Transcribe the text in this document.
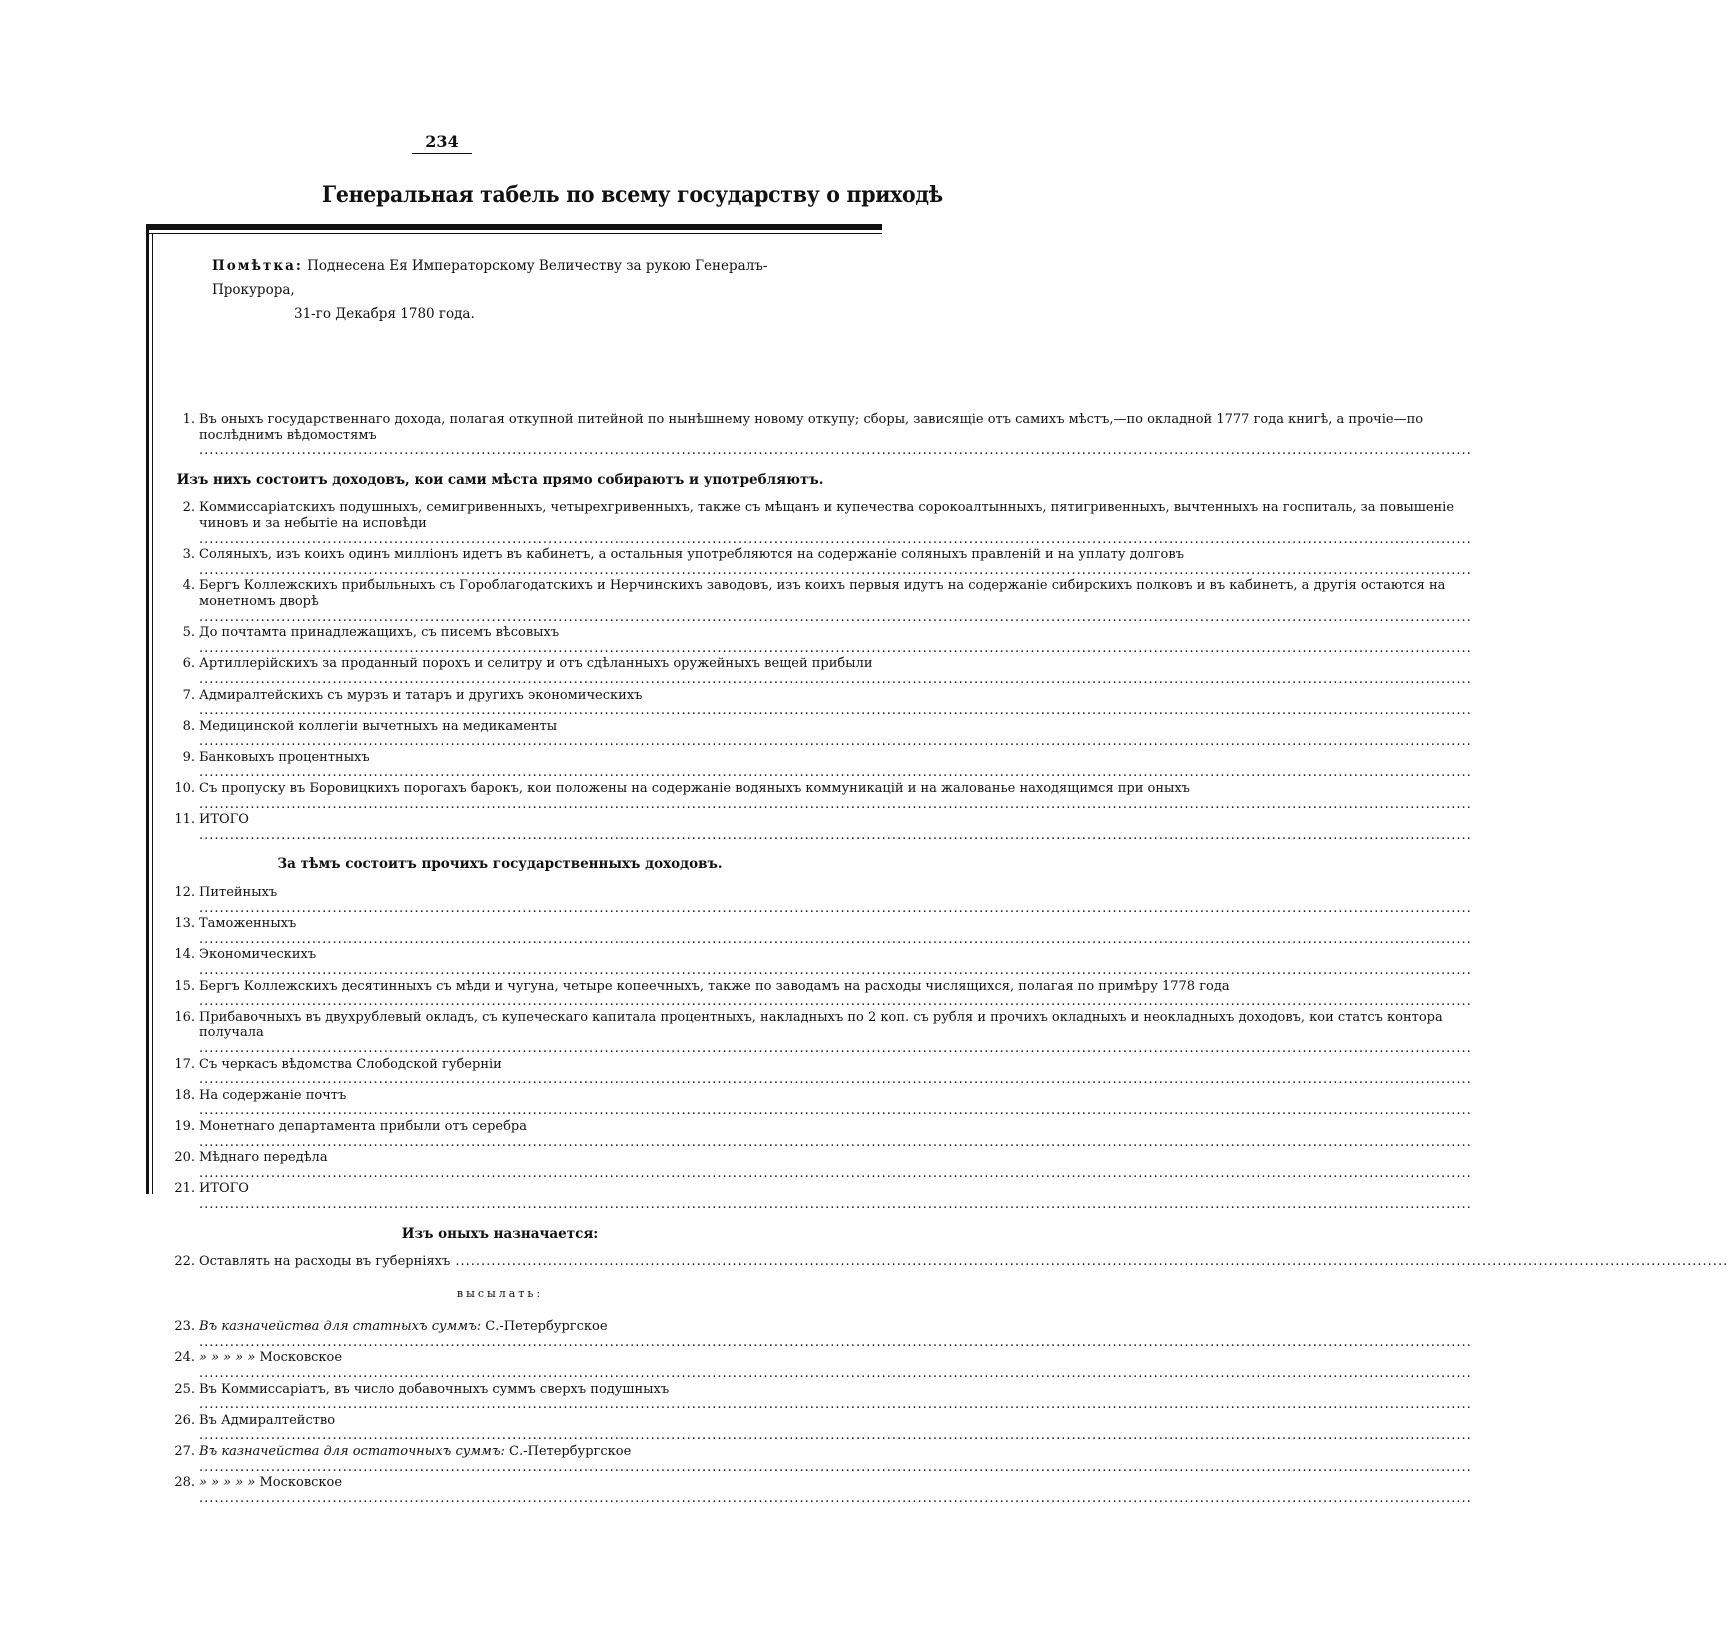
234
Генеральная табель по всему государству о приходѣ
Помѣтка: Поднесена Ея Императорскому Величеству за рукою Генералъ-Прокурора,
31-го Декабря 1780 года.
1. Въ оныхъ государственнаго дохода, полагая откупной питейной по нынѣшнему новому откупу; сборы, зависящіе отъ самихъ мѣстъ,—по окладной 1777 года книгѣ, а прочіе—по послѣднимъ вѣдомостямъ .....
Изъ нихъ состоитъ доходовъ, кои сами мѣста прямо собираютъ и употребляютъ.
2. Коммиссаріатскихъ подушныхъ, семигривенныхъ, четырехгривенныхъ, также съ мѣщанъ и купечества сорокоалтынныхъ, пятигривенныхъ, вычтенныхъ на госпиталь, за повышеніе чиновъ и за небытіе на исповѣди .....
3. Соляныхъ, изъ коихъ одинъ милліонъ идетъ въ кабинетъ, а остальныя употребляются на содержаніе соляныхъ правленій и на уплату долговъ .....
4. Бергъ Коллежскихъ прибыльныхъ съ Гороблагодатскихъ и Нерчинскихъ заводовъ, изъ коихъ первыя идутъ на содержаніе сибирскихъ полковъ и въ кабинетъ, а другія остаются на монетномъ дворѣ .....
5. До почтамта принадлежащихъ, съ писемъ вѣсовыхъ .....
6. Артиллерійскихъ за проданный порохъ и селитру и отъ сдѣланныхъ оружейныхъ вещей прибыли .....
7. Адмиралтейскихъ съ мурзъ и татаръ и другихъ экономическихъ .....
8. Медицинской коллегіи вычетныхъ на медикаменты .....
9. Банковыхъ процентныхъ .....
10. Съ пропуску въ Боровицкихъ порогахъ барокъ, кои положены на содержаніе водяныхъ коммуникацій и на жалованье находящимся при оныхъ .....
11. ИТОГО .....
За тѣмъ состоитъ прочихъ государственныхъ доходовъ.
12. Питейныхъ .....
13. Таможенныхъ .....
14. Экономическихъ .....
15. Бергъ Коллежскихъ десятинныхъ съ мѣди и чугуна, четыре копеечныхъ, также по заводамъ на расходы числящихся, полагая по примѣру 1778 года .....
16. Прибавочныхъ въ двухрублевый окладъ, съ купеческаго капитала процентныхъ, накладныхъ по 2 коп. съ рубля и прочихъ окладныхъ и неокладныхъ доходовъ, кои статсъ контора получала .....
17. Съ черкасъ вѣдомства Слободской губерніи .....
18. На содержаніе почтъ .....
19. Монетнаго департамента прибыли отъ серебра .....
20. Мѣднаго передѣла .....
21. ИТОГО .....
Изъ оныхъ назначается:
22. Оставлять на расходы въ губерніяхъ .....
высылать:
23. Въ казначейства для статныхъ суммъ: С.-Петербургское .....
24. » » » » » Московское .....
25. Въ Коммиссаріатъ, въ число добавочныхъ суммъ сверхъ подушныхъ .....
26. Въ Адмиралтейство .....
27. Въ казначейства для остаточныхъ суммъ: С.-Петербургское .....
28. » » » » » Московское .....
